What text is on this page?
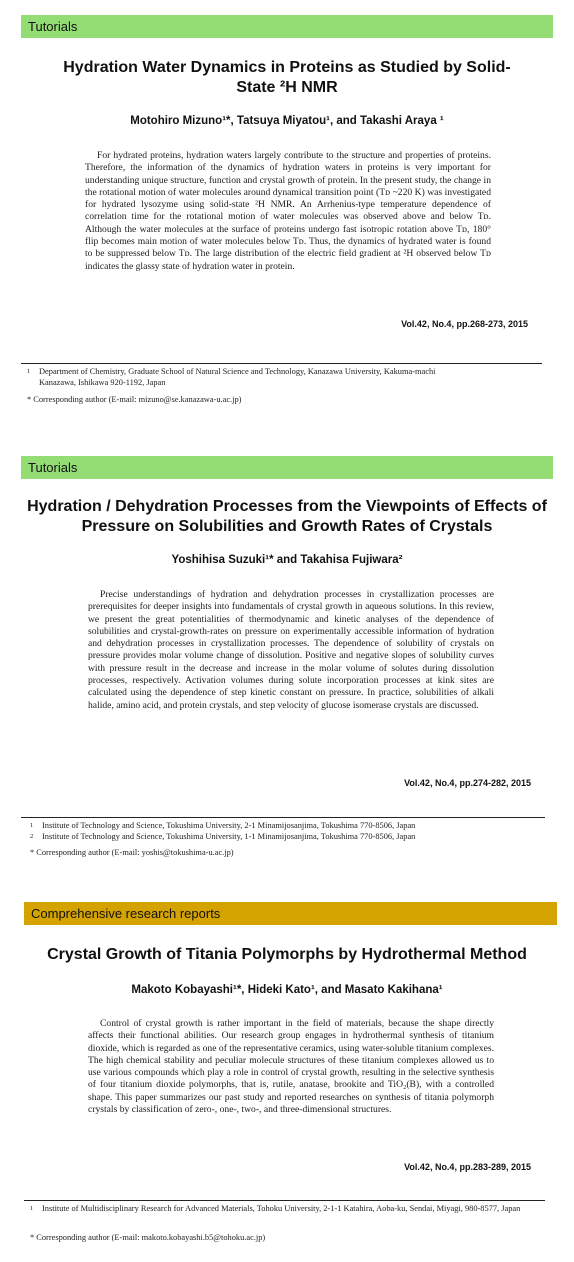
Tutorials
Hydration Water Dynamics in Proteins as Studied by Solid-State ²H NMR
Motohiro Mizuno¹*, Tatsuya Miyatou¹, and Takashi Araya ¹

For hydrated proteins, hydration waters largely contribute to the structure and properties of proteins. Therefore, the information of the dynamics of hydration waters in proteins is very important for understanding unique structure, function and crystal growth of protein. In the present study, the change in the rotational motion of water molecules around dynamical transition point (Tᴅ ~220 K) was investigated for hydrated lysozyme using solid-state ²H NMR. An Arrhenius-type temperature dependence of correlation time for the rotational motion of water molecules was observed above and below Tᴅ. Although the water molecules at the surface of proteins undergo fast isotropic rotation above Tᴅ, 180° flip becomes main motion of water molecules below Tᴅ. Thus, the dynamics of hydrated water is found to be suppressed below Tᴅ. The large distribution of the electric field gradient at ²H observed below Tᴅ indicates the glassy state of hydration water in protein.

Vol.42, No.4, pp.268-273, 2015
1	Department of Chemistry, Graduate School of Natural Science and Technology, Kanazawa University, Kakuma-machi Kanazawa, Ishikawa 920-1192, Japan
* Corresponding author (E-mail: mizuno@se.kanazawa-u.ac.jp)
Tutorials
Hydration / Dehydration Processes from the Viewpoints of Effects of Pressure on Solubilities and Growth Rates of Crystals
Yoshihisa Suzuki¹* and Takahisa Fujiwara²

Precise understandings of hydration and dehydration processes in crystallization processes are prerequisites for deeper insights into fundamentals of crystal growth in aqueous solutions. In this review, we present the great potentialities of thermodynamic and kinetic analyses of the dependence of solubilities and crystal-growth-rates on pressure on experimentally accessible information of hydration and dehydration processes in crystallization processes. The dependence of solubility of crystals on pressure provides molar volume change of dissolution. Positive and negative slopes of solubility curves with pressure result in the decrease and increase in the molar volume of solutes during dissolution processes, respectively. Activation volumes during solute incorporation processes at kink sites are calculated using the dependence of step kinetic constant on pressure. In practice, solubilities of alkali halide, amino acid, and protein crystals, and step velocity of glucose isomerase crystals are discussed.

Vol.42, No.4, pp.274-282, 2015
1	Institute of Technology and Science, Tokushima University, 2-1 Minamijosanjima, Tokushima 770-8506, Japan
2	Institute of Technology and Science, Tokushima University, 1-1 Minamijosanjima, Tokushima 770-8506, Japan
* Corresponding author (E-mail: yoshis@tokushima-u.ac.jp)
Comprehensive research reports
Crystal Growth of Titania Polymorphs by Hydrothermal Method
Makoto Kobayashi¹*, Hideki Kato¹, and Masato Kakihana¹

Control of crystal growth is rather important in the field of materials, because the shape directly affects their functional abilities. Our research group engages in hydrothermal synthesis of titanium dioxide, which is regarded as one of the representative ceramics, using water-soluble titanium complexes. The high chemical stability and peculiar molecule structures of these titanium complexes allowed us to use various compounds which play a role in control of crystal growth, resulting in the selective synthesis of four titanium dioxide polymorphs, that is, rutile, anatase, brookite and TiO₂(B), with a controlled shape. This paper summarizes our past study and reported researches on synthesis of titania polymorph crystals by classification of zero-, one-, two-, and three-dimensional structures.

Vol.42, No.4, pp.283-289, 2015
1	Institute of Multidisciplinary Research for Advanced Materials, Tohoku University, 2-1-1 Katahira, Aoba-ku, Sendai, Miyagi, 980-8577, Japan
* Corresponding author (E-mail: makoto.kobayashi.b5@tohoku.ac.jp)
